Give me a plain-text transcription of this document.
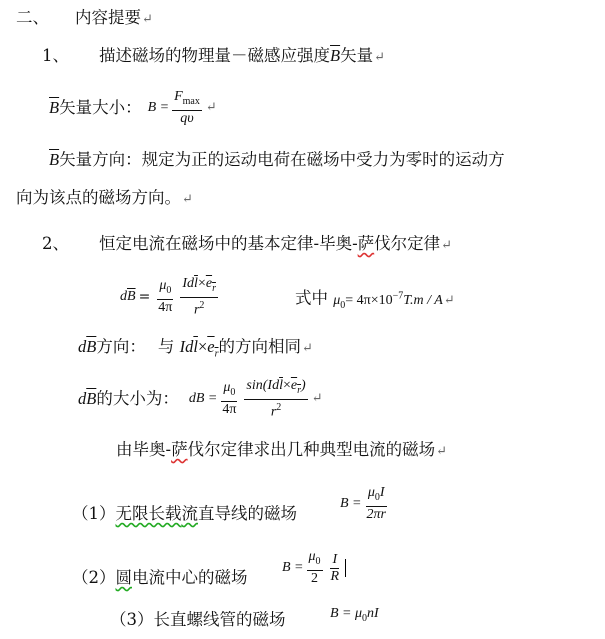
二、 内容提要↵
1、 描述磁场的物理量－磁感应强度$\overline{B}$矢量↵
$\overline{B}$ 矢量大小： $B = \frac{F_{max}}{q\upsilon}$ ↵
$\overline{B}$矢量方向：规定为正的运动电荷在磁场中受力为零时的运动方
向为该点的磁场方向。↵
2、 恒定电流在磁场中的基本定律-毕奥-萨伐尔定律↵
d $\overline{B} = \frac{\mu_0}{4\pi} \frac{Id\overline{l}\times e_r}{r^2}$	式中 $\mu_0= 4\pi\times 10^{-7}T.m$ / A↵
$d\overline{B}$方向： 与 $Id\overline{l}\times e_r$的方向相同↵
d $\overline{B}$ 的大小为： dB = $\frac{\mu_0}{4\pi} \frac{\sin(Id\overline{l}\times e_r)}{r^2}$ ↵
由毕奥-萨伐尔定律求出几种典型电流的磁场↵
（1）无限长载流直导线的磁场
$B = \frac{\mu_0I}{2\pi r}$
（2）圆电流中心的磁场
$B = \frac{\mu_0}{2} \frac{I}{R}$
（3）长直螺线管的磁场	$B = \mu_0nI$
